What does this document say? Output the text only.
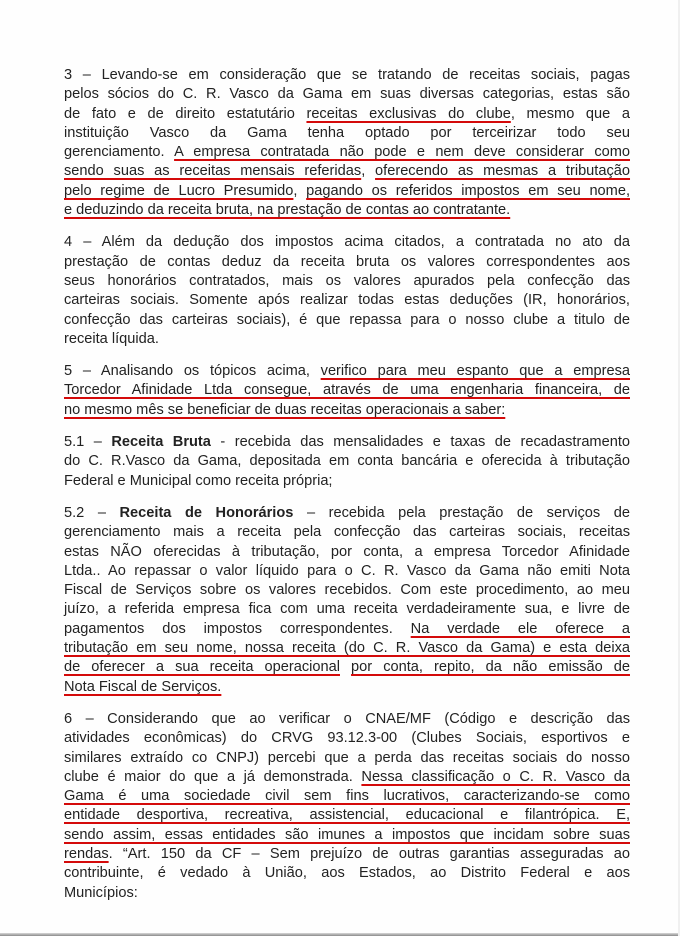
3 – Levando-se em consideração que se tratando de receitas sociais, pagas
pelos sócios do C. R. Vasco da Gama em suas diversas categorias, estas são
de fato e de direito estatutário receitas exclusivas do clube, mesmo que a
instituição Vasco da Gama tenha optado por terceirizar todo seu
gerenciamento. A empresa contratada não pode e nem deve considerar como
sendo suas as receitas mensais referidas, oferecendo as mesmas a tributação
pelo regime de Lucro Presumido, pagando os referidos impostos em seu nome,
e deduzindo da receita bruta, na prestação de contas ao contratante.
4 – Além da dedução dos impostos acima citados, a contratada no ato da
prestação de contas deduz da receita bruta os valores correspondentes aos
seus honorários contratados, mais os valores apurados pela confecção das
carteiras sociais. Somente após realizar todas estas deduções (IR, honorários,
confecção das carteiras sociais), é que repassa para o nosso clube a titulo de
receita líquida.
5 – Analisando os tópicos acima, verifico para meu espanto que a empresa
Torcedor Afinidade Ltda consegue, através de uma engenharia financeira, de
no mesmo mês se beneficiar de duas receitas operacionais a saber:
5.1 – Receita Bruta - recebida das mensalidades e taxas de recadastramento
do C. R.Vasco da Gama, depositada em conta bancária e oferecida à tributação
Federal e Municipal como receita própria;
5.2 – Receita de Honorários – recebida pela prestação de serviços de
gerenciamento mais a receita pela confecção das carteiras sociais, receitas
estas NÃO oferecidas à tributação, por conta, a empresa Torcedor Afinidade
Ltda.. Ao repassar o valor líquido para o C. R. Vasco da Gama não emiti Nota
Fiscal de Serviços sobre os valores recebidos. Com este procedimento, ao meu
juízo, a referida empresa fica com uma receita verdadeiramente sua, e livre de
pagamentos dos impostos correspondentes. Na verdade ele oferece a
tributação em seu nome, nossa receita (do C. R. Vasco da Gama) e esta deixa
de oferecer a sua receita operacional por conta, repito, da não emissão de
Nota Fiscal de Serviços.
6 – Considerando que ao verificar o CNAE/MF (Código e descrição das
atividades econômicas) do CRVG 93.12.3-00 (Clubes Sociais, esportivos e
similares extraído co CNPJ) percebi que a perda das receitas sociais do nosso
clube é maior do que a já demonstrada. Nessa classificação o C. R. Vasco da
Gama é uma sociedade civil sem fins lucrativos, caracterizando-se como
entidade desportiva, recreativa, assistencial, educacional e filantrópica. E,
sendo assim, essas entidades são imunes a impostos que incidam sobre suas
rendas. “Art. 150 da CF – Sem prejuízo de outras garantias asseguradas ao
contribuinte, é vedado à União, aos Estados, ao Distrito Federal e aos
Municípios:
